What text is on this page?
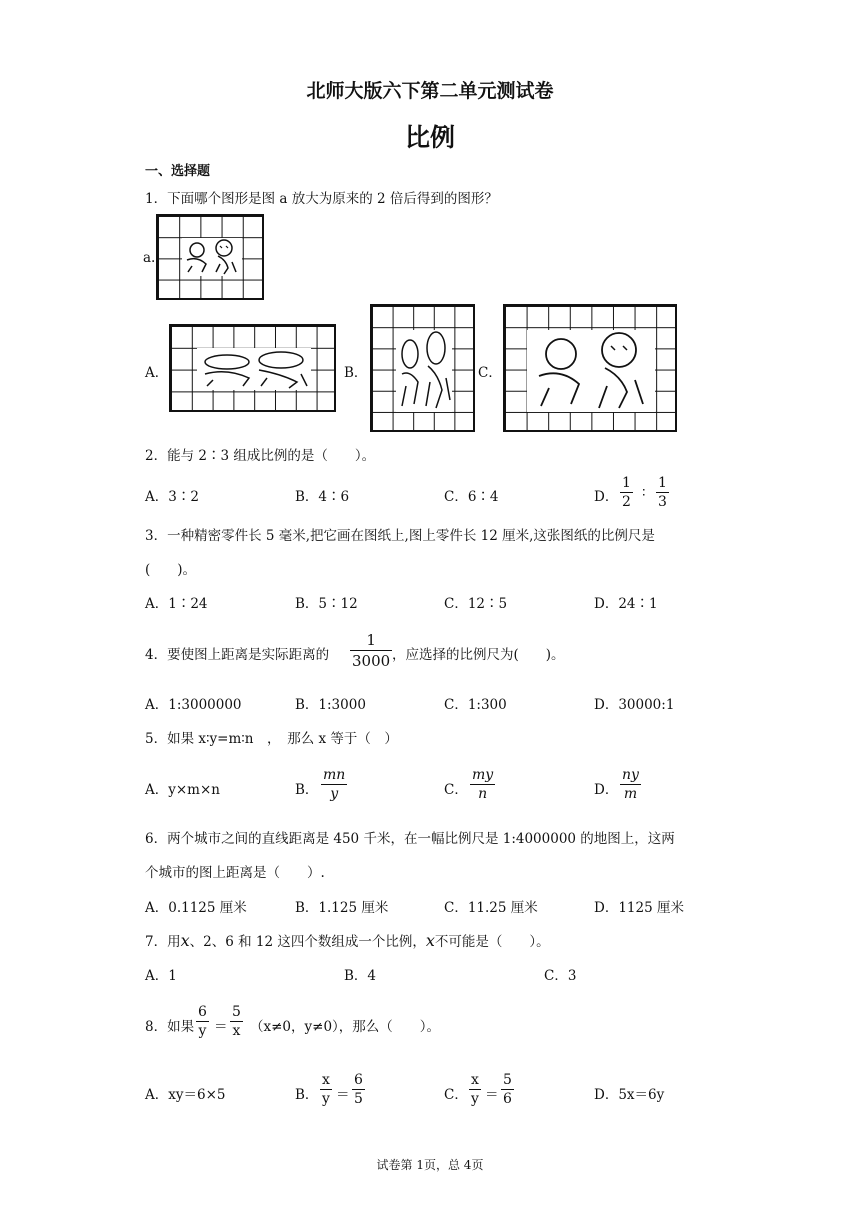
北师大版六下第二单元测试卷
比例
一、选择题
1．下面哪个图形是图 a 放大为原来的 2 倍后得到的图形？
a.
A．	B．	C．
2．能与 2∶3 组成比例的是（　　）。
A．3∶2	B．4∶6	C．6∶4	D． $\frac{1}{2}$ ∶ $\frac{1}{3}$
3．一种精密零件长 5 毫米,把它画在图纸上,图上零件长 12 厘米,这张图纸的比例尺是
(　　)。
A．1∶24	B．5∶12	C．12∶5	D．24∶1
4．要使图上距离是实际距离的 $\frac{1}{3000}$ ，应选择的比例尺为(　　)。
A．1:3000000	B．1:3000	C．1:300	D．30000:1
5．如果 x∶y=m∶n　，　那么 x 等于（　）
A．y×m×n	B． $\frac{mn}{y}$	C． $\frac{my}{n}$	D． $\frac{ny}{m}$
6．两个城市之间的直线距离是 450 千米，在一幅比例尺是 1:4000000 的地图上，这两
个城市的图上距离是（　　）.
A．0.1125 厘米	B．1.125 厘米	C．11.25 厘米	D．1125 厘米
7．用x、2、6 和 12 这四个数组成一个比例，x不可能是（　　）。
A．1	B．4	C．3
8．如果 $\frac{6}{y} = \frac{5}{x} (x\ne 0$，y≠0），那么（　　）。
A．xy＝6×5	B． $\frac{x}{y} = \frac{6}{5}$	C． $\frac{x}{y} = \frac{5}{6}$	D．5x＝6y
试卷第 1页，总 4页
